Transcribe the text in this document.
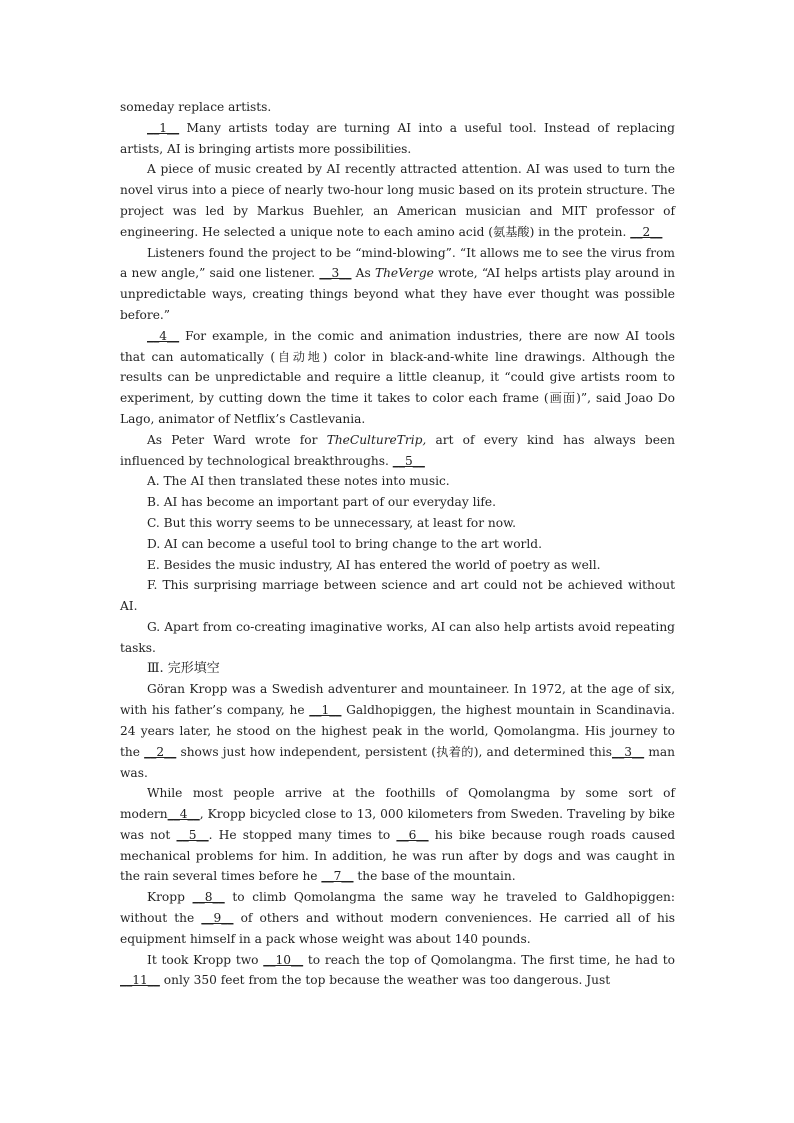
someday replace artists.

__1__ Many artists today are turning AI into a useful tool. Instead of replacing artists, AI is bringing artists more possibilities.

A piece of music created by AI recently attracted attention. AI was used to turn the novel virus into a piece of nearly two-hour long music based on its protein structure. The project was led by Markus Buehler, an American musician and MIT professor of engineering. He selected a unique note to each amino acid (氨基酸) in the protein. __2__

Listeners found the project to be “mind-blowing”. “It allows me to see the virus from a new angle,” said one listener. __3__ As TheVerge wrote, “AI helps artists play around in unpredictable ways, creating things beyond what they have ever thought was possible before.”

__4__ For example, in the comic and animation industries, there are now AI tools that can automatically (自动地) color in black-and-white line drawings. Although the results can be unpredictable and require a little cleanup, it “could give artists room to experiment, by cutting down the time it takes to color each frame (画面)”, said Joao Do Lago, animator of Netflix’s Castlevania.

As Peter Ward wrote for TheCultureTrip, art of every kind has always been influenced by technological breakthroughs. __5__

A. The AI then translated these notes into music.

B. AI has become an important part of our everyday life.

C. But this worry seems to be unnecessary, at least for now.

D. AI can become a useful tool to bring change to the art world.

E. Besides the music industry, AI has entered the world of poetry as well.

F. This surprising marriage between science and art could not be achieved without AI.

G. Apart from co-creating imaginative works, AI can also help artists avoid repeating tasks.

Ⅲ. 完形填空

Göran Kropp was a Swedish adventurer and mountaineer. In 1972, at the age of six, with his father’s company, he __1__ Galdhopiggen, the highest mountain in Scandinavia. 24 years later, he stood on the highest peak in the world, Qomolangma. His journey to the __2__ shows just how independent, persistent (执着的), and determined this__3__ man was.

While most people arrive at the foothills of Qomolangma by some sort of modern__4__, Kropp bicycled close to 13, 000 kilometers from Sweden. Traveling by bike was not __5__. He stopped many times to __6__ his bike because rough roads caused mechanical problems for him. In addition, he was run after by dogs and was caught in the rain several times before he __7__ the base of the mountain.

Kropp __8__ to climb Qomolangma the same way he traveled to Galdhopiggen: without the __9__ of others and without modern conveniences. He carried all of his equipment himself in a pack whose weight was about 140 pounds.

It took Kropp two __10__ to reach the top of Qomolangma. The first time, he had to __11__ only 350 feet from the top because the weather was too dangerous. Just
